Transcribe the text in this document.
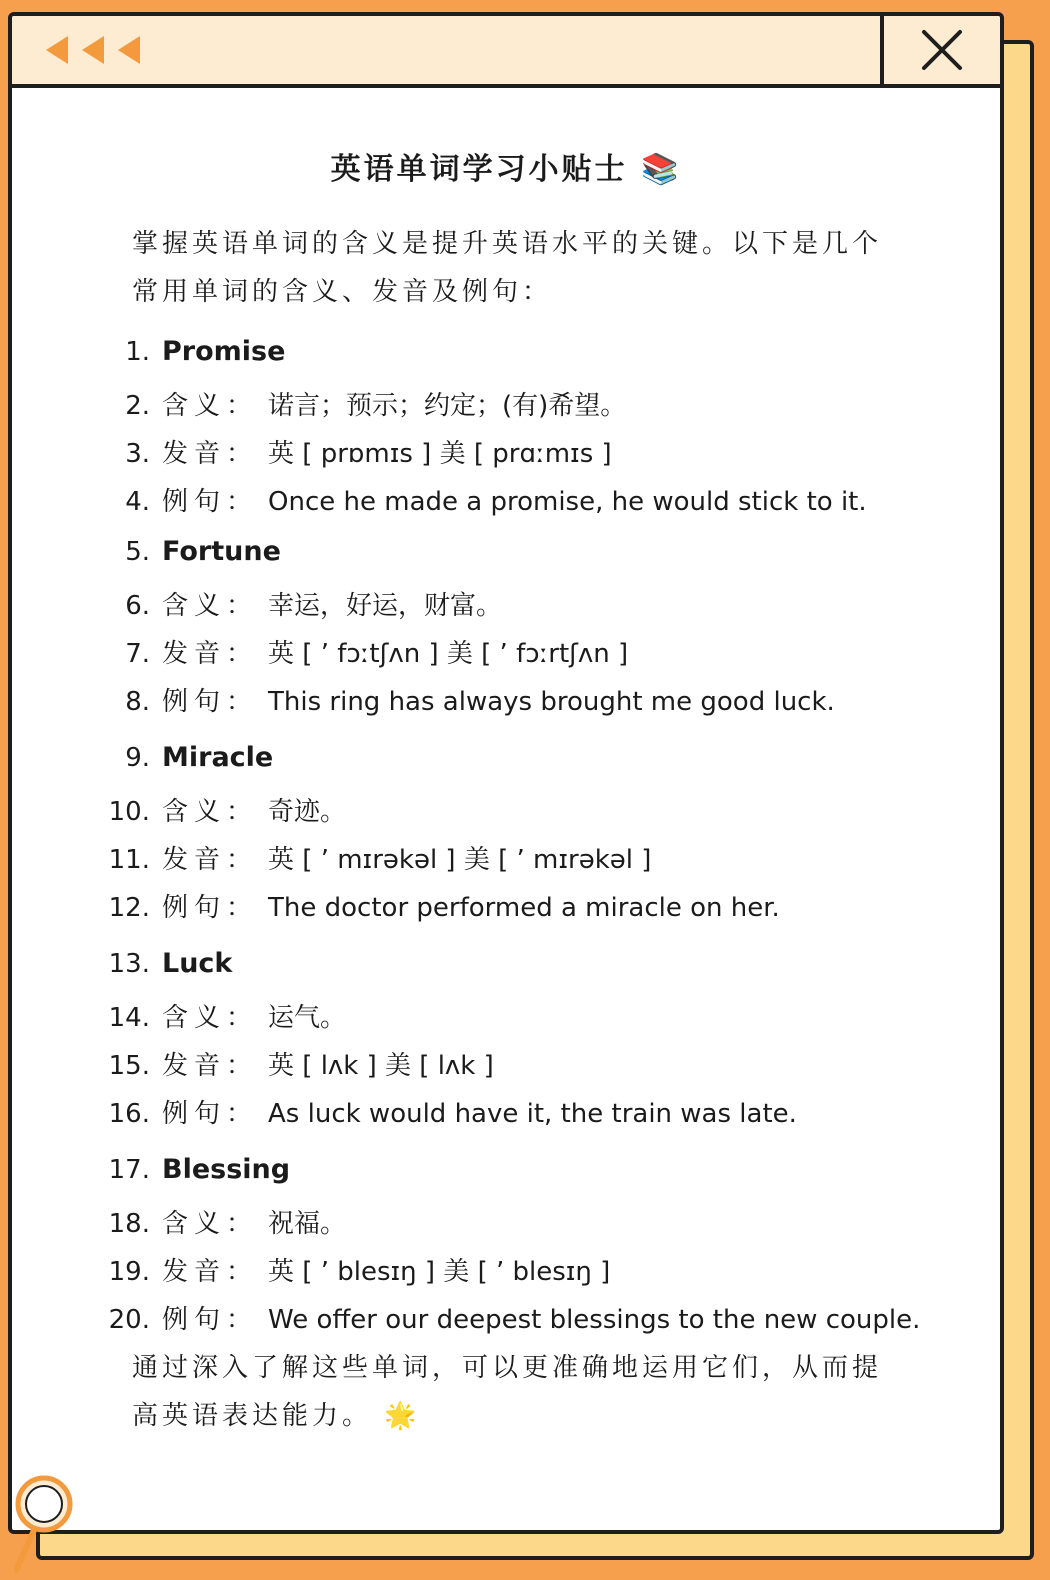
英语单词学习小贴士 📚
掌握英语单词的含义是提升英语水平的关键。以下是几个常用单词的含义、发音及例句：
1. Promise
2. 含义： 诺言；预示；约定；(有)希望。
3. 发音： 英 [ prɒmɪs ] 美 [ prɑːmɪs ]
4. 例句： Once he made a promise, he would stick to it.
5. Fortune
6. 含义： 幸运，好运，财富。
7. 发音： 英 [ ’ fɔːtʃʌn ] 美 [ ’ fɔːrtʃʌn ]
8. 例句： This ring has always brought me good luck.
9. Miracle
10. 含义： 奇迹。
11. 发音： 英 [ ’ mɪrəkəl ] 美 [ ’ mɪrəkəl ]
12. 例句： The doctor performed a miracle on her.
13. Luck
14. 含义： 运气。
15. 发音： 英 [ lʌk ] 美 [ lʌk ]
16. 例句： As luck would have it, the train was late.
17. Blessing
18. 含义： 祝福。
19. 发音： 英 [ ’ blesɪŋ ] 美 [ ’ blesɪŋ ]
20. 例句： We offer our deepest blessings to the new couple.
通过深入了解这些单词，可以更准确地运用它们，从而提高英语表达能力。 🌟
